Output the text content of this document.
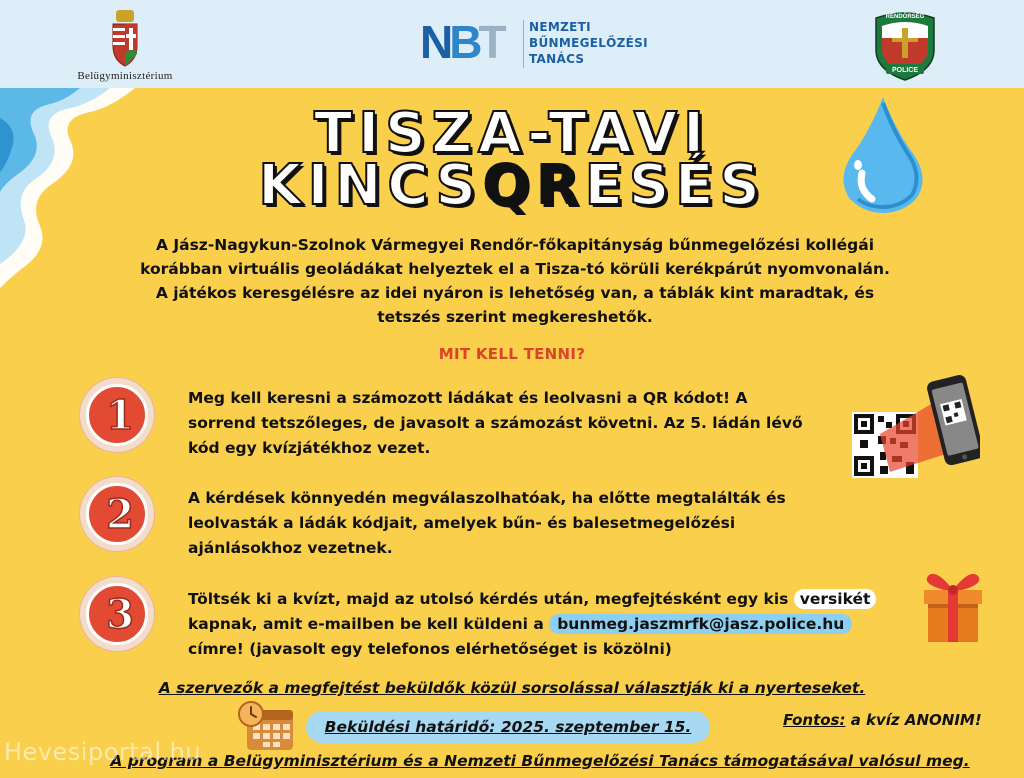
Belügyminisztérium
NBT NEMZETI
BŰNMEGELŐZÉSI
TANÁCS
POLICE
RENDŐRSÉG
TISZA-TAVI
KINCSQRESÉS
A Jász-Nagykun-Szolnok Vármegyei Rendőr-főkapitányság bűnmegelőzési kollégái
korábban virtuális geoládákat helyeztek el a Tisza-tó körüli kerékpárút nyomvonalán.
A játékos keresgélésre az idei nyáron is lehetőség van, a táblák kint maradtak, és
tetszés szerint megkereshetők.
MIT KELL TENNI?
1	Meg kell keresni a számozott ládákat és leolvasni a QR kódot! A
sorrend tetszőleges, de javasolt a számozást követni. Az 5. ládán lévő
kód egy kvízjátékhoz vezet.
2	A kérdések könnyedén megválaszolhatóak, ha előtte megtalálták és
leolvasták a ládák kódjait, amelyek bűn- és balesetmegelőzési
ajánlásokhoz vezetnek.
3	Töltsék ki a kvízt, majd az utolsó kérdés után, megfejtésként egy kis versikét
kapnak, amit e-mailben be kell küldeni a bunmeg.jaszmrfk@jasz.police.hu
címre! (javasolt egy telefonos elérhetőséget is közölni)
A szervezők a megfejtést beküldők közül sorsolással választják ki a nyerteseket.
Beküldési határidő: 2025. szeptember 15.	Fontos: a kvíz ANONIM!
A program a Belügyminisztérium és a Nemzeti Bűnmegelőzési Tanács támogatásával valósul meg.
Hevesiportal.hu
